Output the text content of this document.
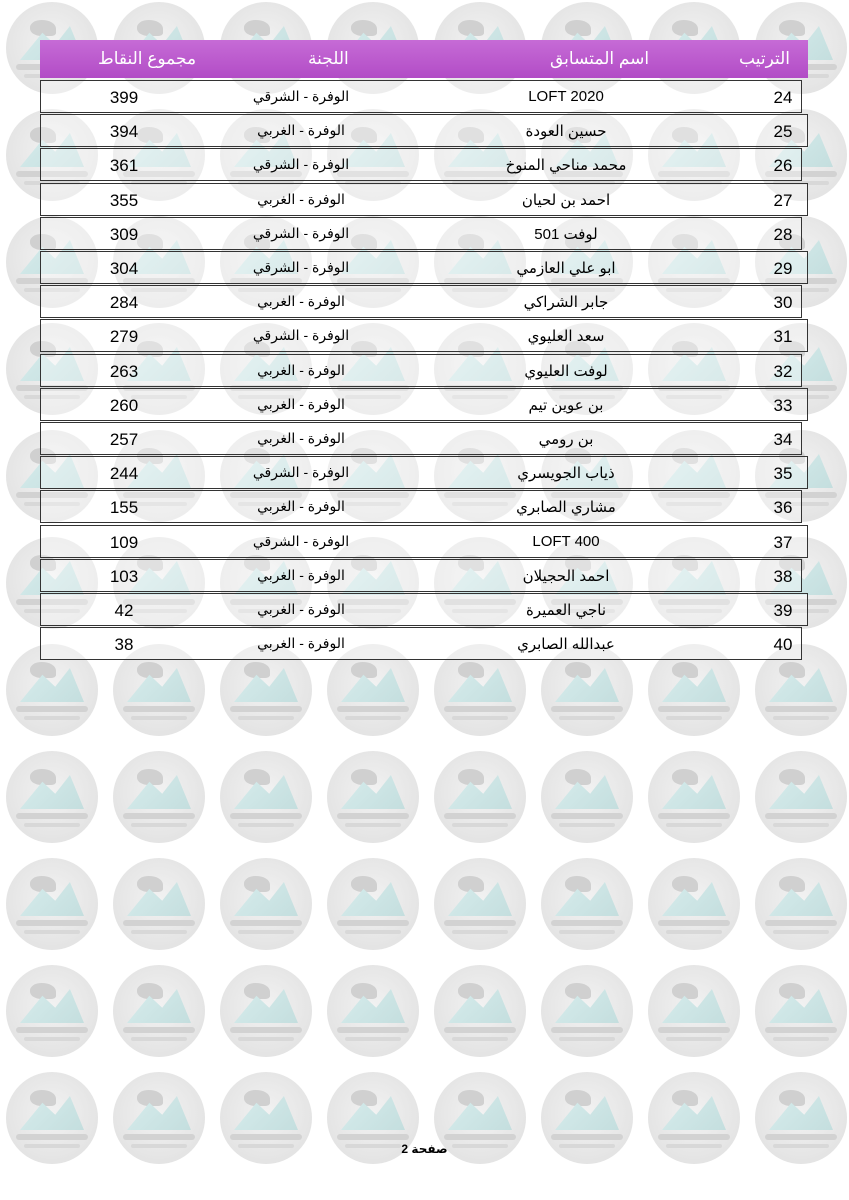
الترتيب
اسم المتسابق
اللجنة
مجموع النقاط
24
LOFT 2020
الوفرة - الشرقي
399
25
حسين العودة
الوفرة - الغربي
394
26
محمد مناحي المنوخ
الوفرة - الشرقي
361
27
احمد بن لحيان
الوفرة - الغربي
355
28
لوفت 501
الوفرة - الشرقي
309
29
ابو علي العازمي
الوفرة - الشرقي
304
30
جابر الشراكي
الوفرة - الغربي
284
31
سعد العليوي
الوفرة - الشرقي
279
32
لوفت العليوي
الوفرة - الغربي
263
33
بن عوين تيم
الوفرة - الغربي
260
34
بن رومي
الوفرة - الغربي
257
35
ذياب الجويسري
الوفرة - الشرقي
244
36
مشاري الصابري
الوفرة - الغربي
155
37
LOFT 400
الوفرة - الشرقي
109
38
احمد الحجيلان
الوفرة - الغربي
103
39
ناجي العميرة
الوفرة - الغربي
42
40
عبدالله الصابري
الوفرة - الغربي
38
صفحة 2
